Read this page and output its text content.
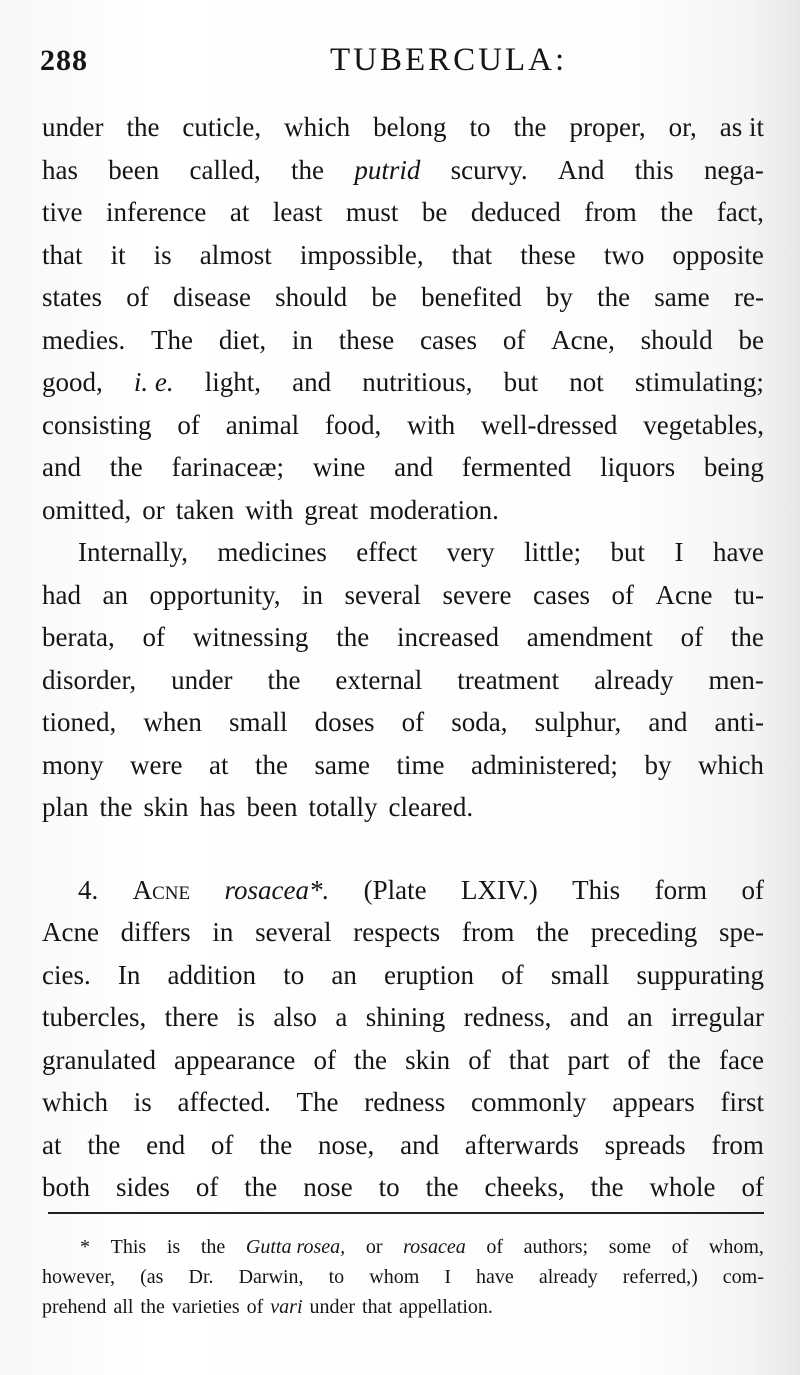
288	TUBERCULA:
under the cuticle, which belong to the proper, or, as it
has been called, the putrid scurvy. And this nega-
tive inference at least must be deduced from the fact,
that it is almost impossible, that these two opposite
states of disease should be benefited by the same re-
medies. The diet, in these cases of Acne, should be
good, i. e. light, and nutritious, but not stimulating;
consisting of animal food, with well-dressed vegetables,
and the farinaceæ; wine and fermented liquors being
omitted, or taken with great moderation.
Internally, medicines effect very little; but I have
had an opportunity, in several severe cases of Acne tu-
berata, of witnessing the increased amendment of the
disorder, under the external treatment already men-
tioned, when small doses of soda, sulphur, and anti-
mony were at the same time administered; by which
plan the skin has been totally cleared.
4. Acne rosacea*. (Plate LXIV.) This form of
Acne differs in several respects from the preceding spe-
cies. In addition to an eruption of small suppurating
tubercles, there is also a shining redness, and an irregular
granulated appearance of the skin of that part of the face
which is affected. The redness commonly appears first
at the end of the nose, and afterwards spreads from
both sides of the nose to the cheeks, the whole of
* This is the Gutta rosea, or rosacea of authors; some of whom,
however, (as Dr. Darwin, to whom I have already referred,) com-
prehend all the varieties of vari under that appellation.
